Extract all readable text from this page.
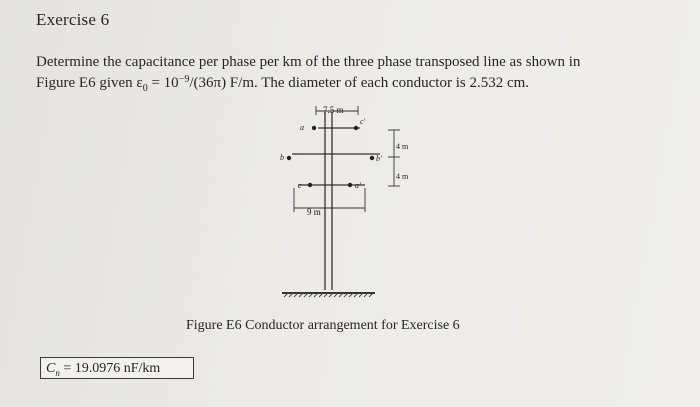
Exercise 6
Determine the capacitance per phase per km of the three phase transposed line as shown in
Figure E6 given $\varepsilon_0 = 10^{-9}/(36\pi)$ F/m. The diameter of each conductor is 2.532 cm.
7.5 m
a
c'
b	b'
c	a'
4 m
4 m
9 m
Figure E6 Conductor arrangement for Exercise 6
$C_n = 19.0976$ nF/km
